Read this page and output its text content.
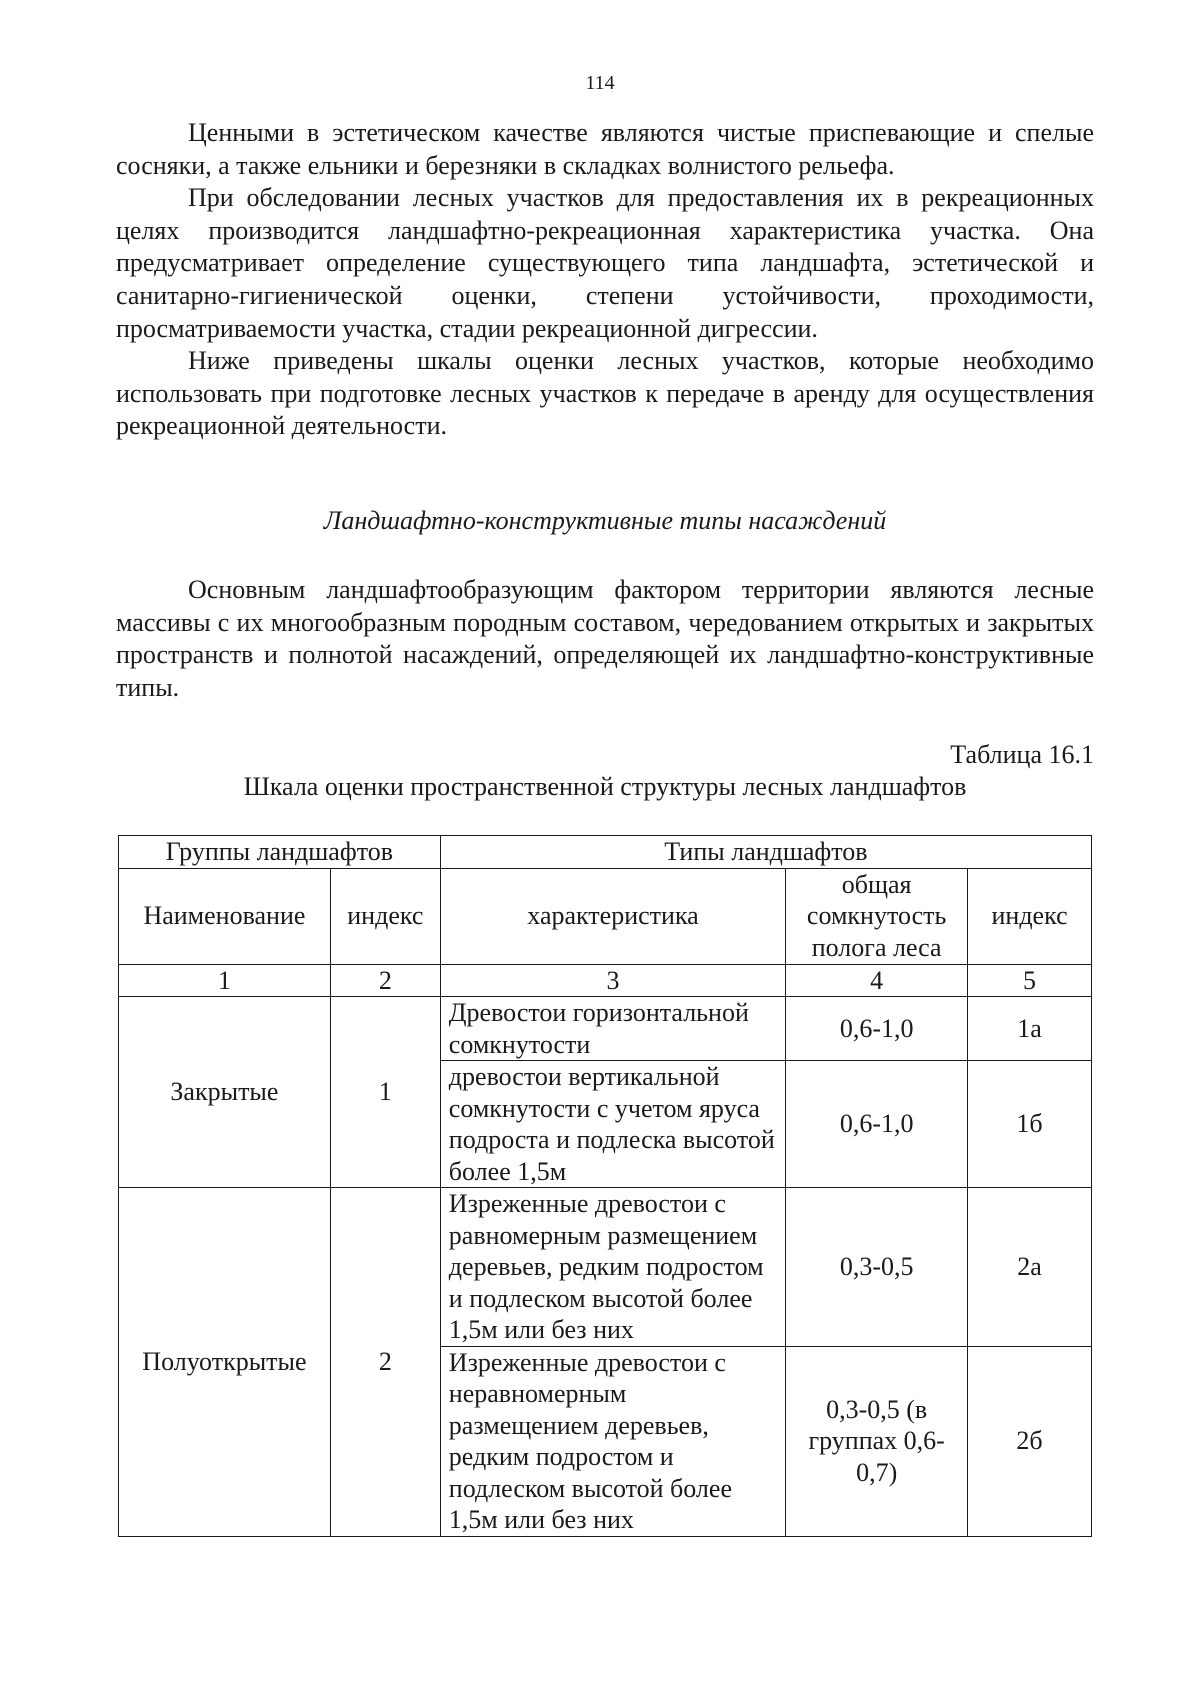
114

Ценными в эстетическом качестве являются чистые приспевающие и спелые сосняки, а также ельники и березняки в складках волнистого рельефа.

При обследовании лесных участков для предоставления их в рекреационных целях производится ландшафтно-рекреационная характеристика участка. Она предусматривает определение существующего типа ландшафта, эстетической и санитарно-гигиенической оценки, степени устойчивости, проходимости, просматриваемости участка, стадии рекреационной дигрессии.

Ниже приведены шкалы оценки лесных участков, которые необходимо использовать при подготовке лесных участков к передаче в аренду для осуществления рекреационной деятельности.

Ландшафтно-конструктивные типы насаждений

Основным ландшафтообразующим фактором территории являются лесные массивы с их многообразным породным составом, чередованием открытых и закрытых пространств и полнотой насаждений, определяющей их ландшафтно-конструктивные типы.

Таблица 16.1
Шкала оценки пространственной структуры лесных ландшафтов
Группы ландшафтов		Типы ландшафтов		
Наименование	индекс	характеристика	общая сомкнутость полога леса	индекс
1	2	3	4	5
Закрытые	1	Древостои горизонтальной сомкнутости	0,6-1,0	1а
		древостои вертикальной сомкнутости с учетом яруса подроста и подлеска высотой более 1,5м	0,6-1,0	1б
Полуоткрытые	2	Изреженные древостои с равномерным размещением деревьев, редким подростом и подлеском высотой более 1,5м или без них	0,3-0,5	2а
		Изреженные древостои с неравномерным размещением деревьев, редким подростом и подлеском высотой более 1,5м или без них	0,3-0,5 (в группах 0,6-0,7)	2б
